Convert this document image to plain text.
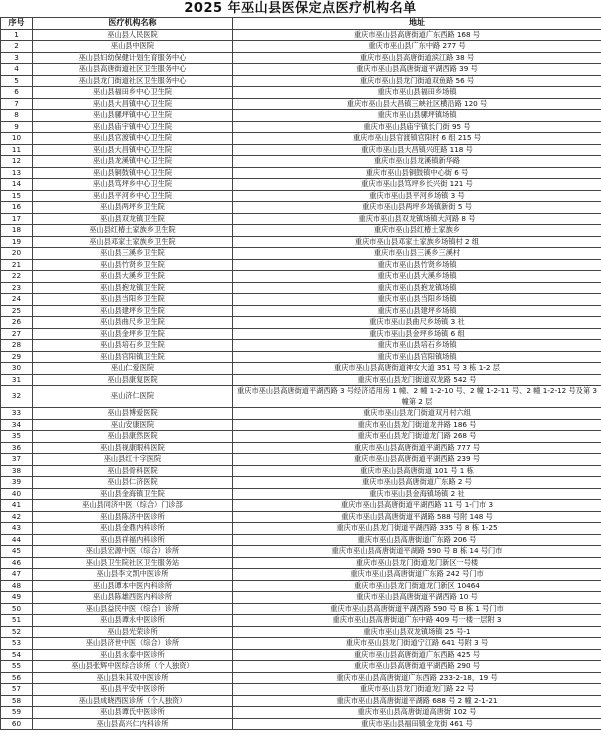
2025 年巫山县医保定点医疗机构名单
序号	医疗机构名称	地址
1	巫山县人民医院	重庆市巫山县高唐街道广东西路 168 号
2	巫山县中医院	重庆市巫山县广东中路 277 号
3	巫山县妇幼保健计划生育服务中心	重庆市巫山县高唐街道滨江路 38 号
4	巫山县高唐街道社区卫生服务中心	重庆市巫山县高唐街道平湖西路 39 号
5	巫山县龙门街道社区卫生服务中心	重庆市巫山县龙门街道双鱼路 56 号
6	巫山县福田乡中心卫生院	重庆市巫山县福田乡场镇
7	巫山县大昌镇中心卫生院	重庆市巫山县大昌镇三峡社区横沿路 120 号
8	巫山县骡坪镇中心卫生院	重庆市巫山县骡坪镇场镇
9	巫山县庙宇镇中心卫生院	重庆市巫山县庙宇镇长门街 95 号
10	巫山县官渡镇中心卫生院	重庆市巫山县官渡镇官阳村 6 组 215 号
11	巫山县大昌镇中心卫生院	重庆市巫山县大昌镇兴旺路 118 号
12	巫山县龙溪镇中心卫生院	重庆市巫山县龙溪镇新华路
13	巫山县铜鼓镇中心卫生院	重庆市巫山县铜鼓镇中心街 6 号
14	巫山县笃坪乡中心卫生院	重庆市巫山县笃坪乡长兴街 121 号
15	巫山县平河乡中心卫生院	重庆市巫山县平河乡场镇 3 号
16	巫山县两坪乡卫生院	重庆市巫山县两坪乡场镇新街 5 号
17	巫山县双龙镇卫生院	重庆市巫山县双龙镇场镇大河路 8 号
18	巫山县红椿土家族乡卫生院	重庆市巫山县红椿土家族乡
19	巫山县邓家土家族乡卫生院	重庆市巫山县邓家土家族乡场镇村 2 组
20	巫山县三溪乡卫生院	重庆市巫山县三溪乡三溪村
21	巫山县竹贤乡卫生院	重庆市巫山县竹贤乡场镇
22	巫山县大溪乡卫生院	重庆市巫山县大溪乡场镇
23	巫山县抱龙镇卫生院	重庆市巫山县抱龙镇场镇
24	巫山县当阳乡卫生院	重庆市巫山县当阳乡场镇
25	巫山县建坪乡卫生院	重庆市巫山县建坪乡场镇
26	巫山县曲尺乡卫生院	重庆市巫山县曲尺乡场镇 3 社
27	巫山县金坪乡卫生院	重庆市巫山县金坪乡场镇 6 组
28	巫山县培石乡卫生院	重庆市巫山县培石乡场镇
29	巫山县官阳镇卫生院	重庆市巫山县官阳镇场镇
30	巫山仁爱医院	重庆市巫山县高唐街道神女大道 351 号 3 栋 1-2 层
31	巫山县康复医院	重庆市巫山县龙门街道双龙路 542 号
32	巫山济仁医院	重庆市巫山县高唐街道平湖西路 3 号经济适用房 1 幢、2 幢 1-2-10 号、2 幢 1-2-11 号、2 幢 1-2-12 号及第 3 幢第 2 层
33	巫山县博爱医院	重庆市巫山县龙门街道双月村六组
34	巫山安康医院	重庆市巫山县龙门街道龙井路 186 号
35	巫山县康然医院	重庆市巫山县龙门街道龙门路 268 号
36	巫山县视康眼科医院	重庆市巫山县高唐街道平湖西路 777 号
37	巫山县红十字医院	重庆市巫山县高唐街道平湖西路 239 号
38	巫山县骨科医院	重庆市巫山县高唐街道 101 号 1 栋
39	巫山县仁济医院	重庆市巫山县高唐街道广东路 2 号
40	巫山县金海镇卫生院	重庆市巫山县金海镇场镇 2 社
41	巫山县同济中医（综合）门诊部	重庆市巫山县高唐街道平湖西路 11 号 1-门市 3
42	巫山县陈济中医诊所	重庆市巫山县高唐街道平湖路 588 号附 148 号
43	巫山县金鼎内科诊所	重庆市巫山县龙门街道平湖西路 335 号 8 栋 1-25
44	巫山县祥福内科诊所	重庆市巫山县高唐街道广东路 206 号
45	巫山县宏源中医（综合）诊所	重庆市巫山县高唐街道平湖路 590 号 B 栋 14 号门市
46	巫山县卫生院社区卫生服务站	重庆市巫山县龙门街道龙门新区一号楼
47	巫山县李文凯中医诊所	重庆市巫山县高唐街道广东路 242 号门市
48	巫山县谭本中医内科诊所	重庆市巫山县龙门街道龙门新区 10464
49	巫山县陈雄西医内科诊所	重庆市巫山县高唐街道平湖西路 10 号
50	巫山县益民中医（综合）诊所	重庆市巫山县高唐街道平湖西路 590 号 B 栋 1 号门市
51	巫山县谭永中医诊所	重庆市巫山县高唐街道广东中路 409 号一楼一层附 3
52	巫山县光荣诊所	重庆市巫山县双龙镇场镇 25 号-1
53	巫山县济世中医（综合）诊所	重庆市巫山县龙门街道宁江路 641 号附 3 号
54	巫山县永泰中医诊所	重庆市巫山县高唐街道广东西路 425 号
55	巫山县张辉中医综合诊所（个人独资）	重庆市巫山县高唐街道平湖西路 290 号
56	巫山县朱其双中医诊所	重庆市巫山县高唐街道广东西路 233-2-18，19 号
57	巫山县平安中医诊所	重庆市巫山县龙门街道龙门路 22 号
58	巫山县成晓西医诊所（个人独资）	重庆市巫山县高唐街道平湖路 688 号 2 幢 2-1-21
59	巫山县谭氏中医诊所	重庆市巫山县高唐街道高唐街 102 号
60	巫山县高兴仁内科诊所	重庆市巫山县福田镇金龙街 461 号
